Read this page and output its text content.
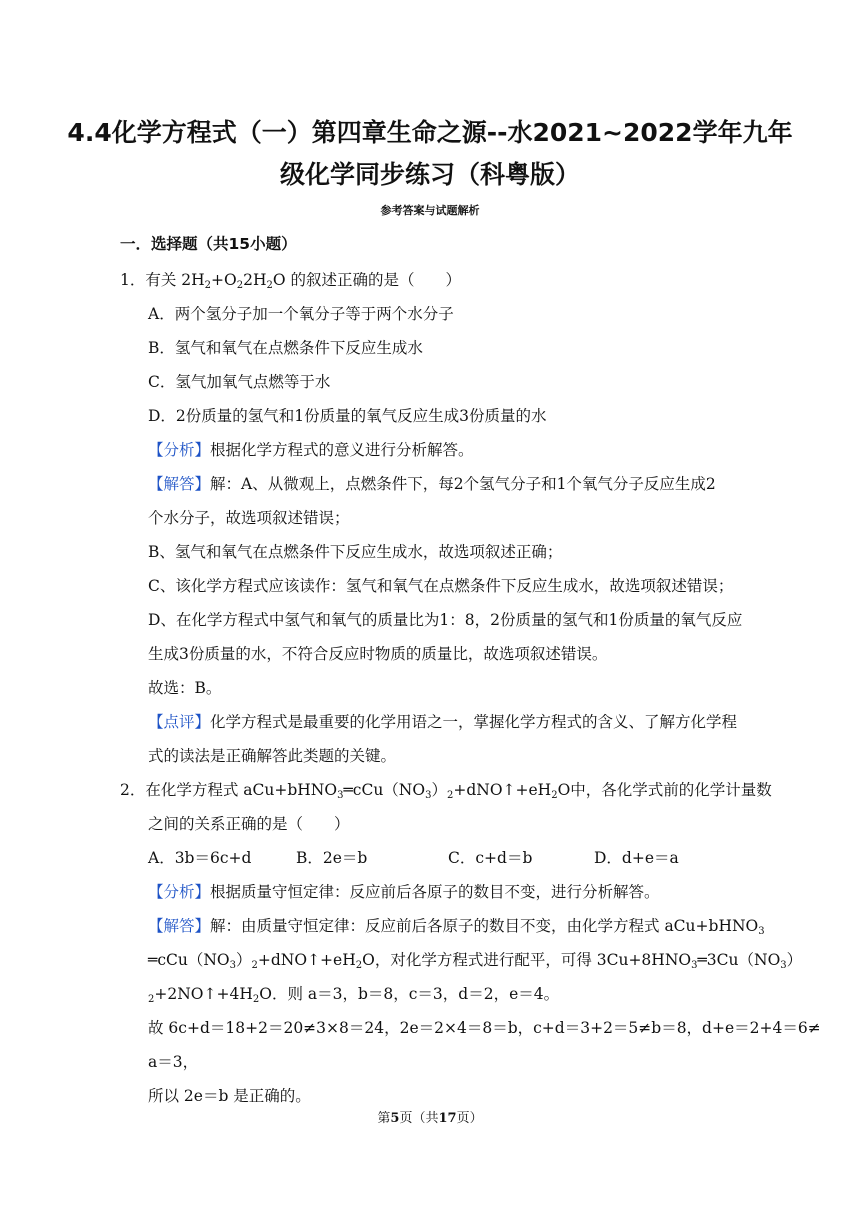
4.4化学方程式（一）第四章生命之源--水2021~2022学年九年
级化学同步练习（科粤版）
参考答案与试题解析
一．选择题（共15小题）
1．有关 $2H_2+O_22H_2O$ 的叙述正确的是（　　）
A．两个氢分子加一个氧分子等于两个水分子
B．氢气和氧气在点燃条件下反应生成水
C．氢气加氧气点燃等于水
D．2份质量的氢气和1份质量的氧气反应生成3份质量的水
【分析】根据化学方程式的意义进行分析解答。
【解答】解：A、从微观上，点燃条件下，每2个氢气分子和1个氧气分子反应生成2
个水分子，故选项叙述错误；
B、氢气和氧气在点燃条件下反应生成水，故选项叙述正确；
C、该化学方程式应该读作：氢气和氧气在点燃条件下反应生成水，故选项叙述错误；
D、在化学方程式中氢气和氧气的质量比为1：8，2份质量的氢气和1份质量的氧气反应
生成3份质量的水，不符合反应时物质的质量比，故选项叙述错误。
故选：B。
【点评】化学方程式是最重要的化学用语之一，掌握化学方程式的含义、了解方化学程
式的读法是正确解答此类题的关键。
2．在化学方程式 $aCu+bHNO_3═cCu(NO_3)_2+dNO↑+eH_2O$中，各化学式前的化学计量数
之间的关系正确的是（　　）
A．3b＝6c+d	B．2e＝b	C．c+d＝b	D．d+e＝a
【分析】根据质量守恒定律：反应前后各原子的数目不变，进行分析解答。
【解答】解：由质量守恒定律：反应前后各原子的数目不变，由化学方程式 aCu+bHNO$_3$
$═cCu(NO_3)_2+dNO↑+eH_2O$，对化学方程式进行配平，可得 $3Cu+8HNO_3═3Cu(NO_3)$
$_2+2NO↑+4H_2O$．则 a＝3，b＝8，c＝3，d＝2，e＝4。
故 6c+d＝18+2＝20≠3×8＝24，2e＝2×4＝8＝b，c+d＝3+2＝5≠b＝8，d+e＝2+4＝6≠
a＝3，
所以 2e＝b 是正确的。
第5页（共17页）
